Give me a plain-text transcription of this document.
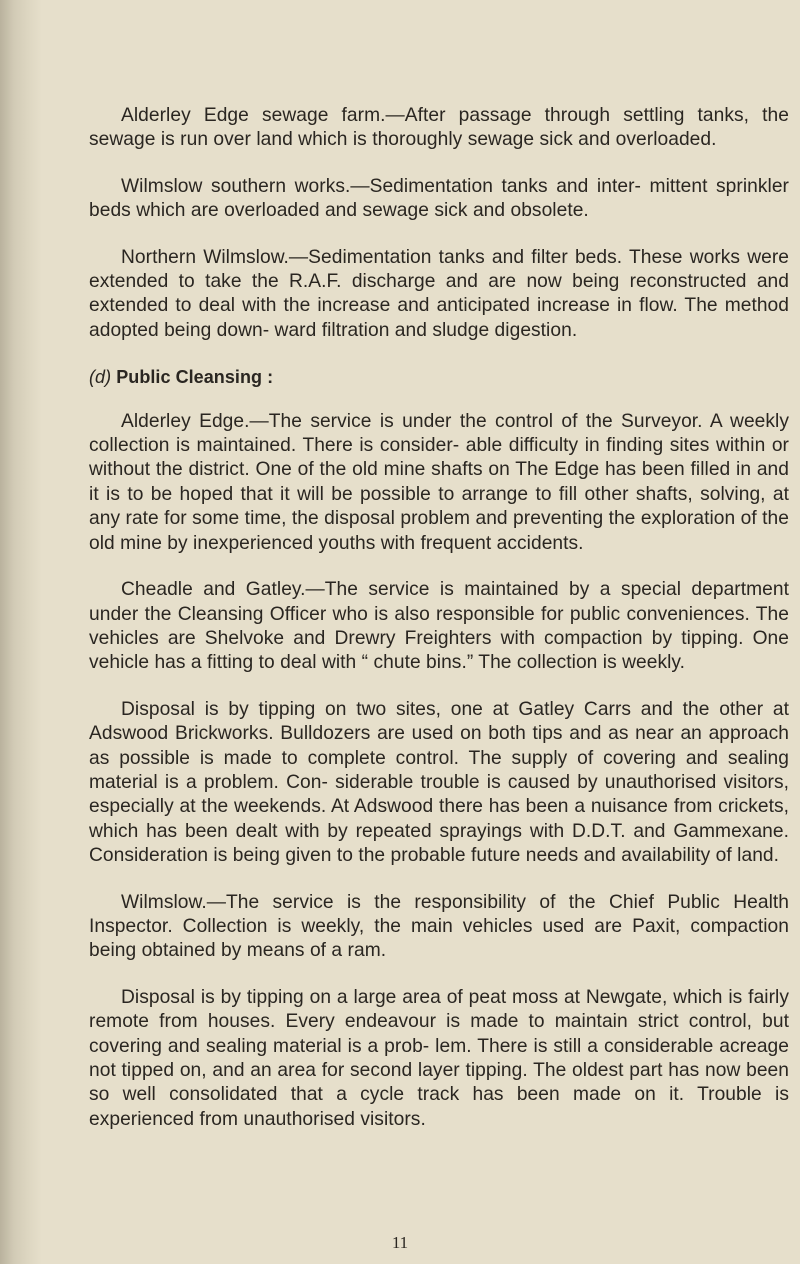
Alderley Edge sewage farm.—After passage through settling tanks, the sewage is run over land which is thoroughly sewage sick and overloaded.

Wilmslow southern works.—Sedimentation tanks and inter- mittent sprinkler beds which are overloaded and sewage sick and obsolete.

Northern Wilmslow.—Sedimentation tanks and filter beds. These works were extended to take the R.A.F. discharge and are now being reconstructed and extended to deal with the increase and anticipated increase in flow. The method adopted being down- ward filtration and sludge digestion.

(d) Public Cleansing :

Alderley Edge.—The service is under the control of the Surveyor. A weekly collection is maintained. There is consider- able difficulty in finding sites within or without the district. One of the old mine shafts on The Edge has been filled in and it is to be hoped that it will be possible to arrange to fill other shafts, solving, at any rate for some time, the disposal problem and preventing the exploration of the old mine by inexperienced youths with frequent accidents.

Cheadle and Gatley.—The service is maintained by a special department under the Cleansing Officer who is also responsible for public conveniences. The vehicles are Shelvoke and Drewry Freighters with compaction by tipping. One vehicle has a fitting to deal with “ chute bins.” The collection is weekly.

Disposal is by tipping on two sites, one at Gatley Carrs and the other at Adswood Brickworks. Bulldozers are used on both tips and as near an approach as possible is made to complete control. The supply of covering and sealing material is a problem. Con- siderable trouble is caused by unauthorised visitors, especially at the weekends. At Adswood there has been a nuisance from crickets, which has been dealt with by repeated sprayings with D.D.T. and Gammexane. Consideration is being given to the probable future needs and availability of land.

Wilmslow.—The service is the responsibility of the Chief Public Health Inspector. Collection is weekly, the main vehicles used are Paxit, compaction being obtained by means of a ram.

Disposal is by tipping on a large area of peat moss at Newgate, which is fairly remote from houses. Every endeavour is made to maintain strict control, but covering and sealing material is a prob- lem. There is still a considerable acreage not tipped on, and an area for second layer tipping. The oldest part has now been so well consolidated that a cycle track has been made on it. Trouble is experienced from unauthorised visitors.

11
